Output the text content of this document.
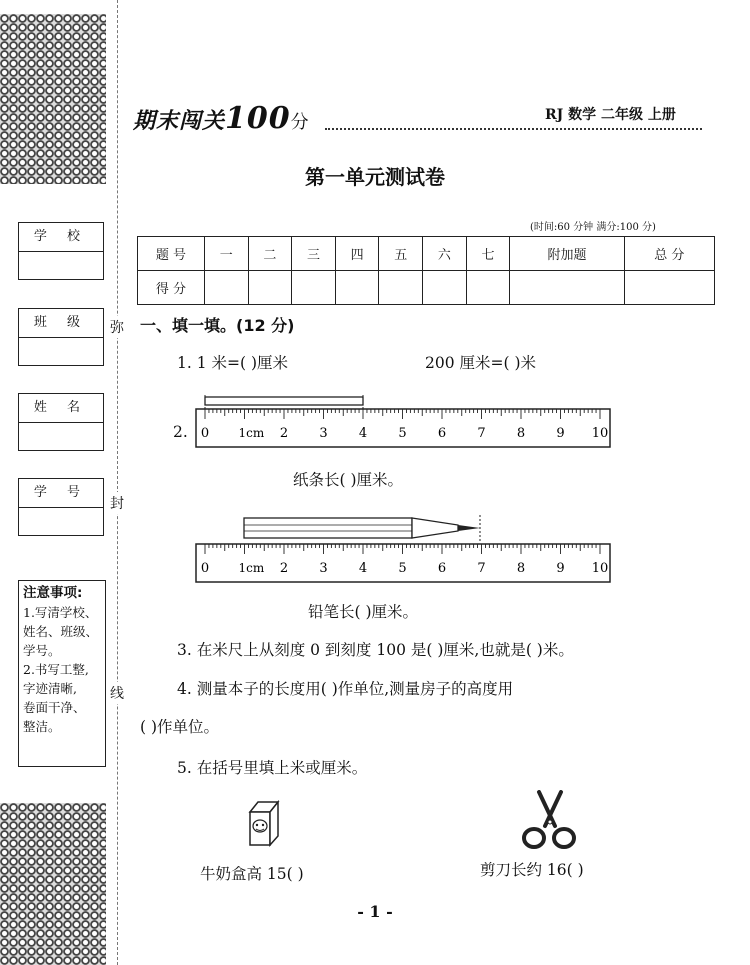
学 校
班 级
姓 名
学 号
注意事项:
1.写清学校、
姓名、班级、
学号。
2.书写工整,
字迹清晰,
卷面干净、
整洁。
弥
封
线
期末闯关100分	RJ 数学 二年级 上册
第一单元测试卷
(时间:60 分钟 满分:100 分)
题 号	一	二	三	四	五	六	七	附加题	总 分
得 分									
一、填一填。(12 分)
1. 1 米=( )厘米	200 厘米=( )米
2. 0 1cm 2 3 4 5 6 7 8 9 10
纸条长( )厘米。
0 1cm 2 3 4 5 6 7 8 9 10
铅笔长( )厘米。
3. 在米尺上从刻度 0 到刻度 100 是( )厘米,也就是( )米。
4. 测量本子的长度用( )作单位,测量房子的高度用
( )作单位。
5. 在括号里填上米或厘米。
牛奶盒高 15( )	剪刀长约 16( )
- 1 -
